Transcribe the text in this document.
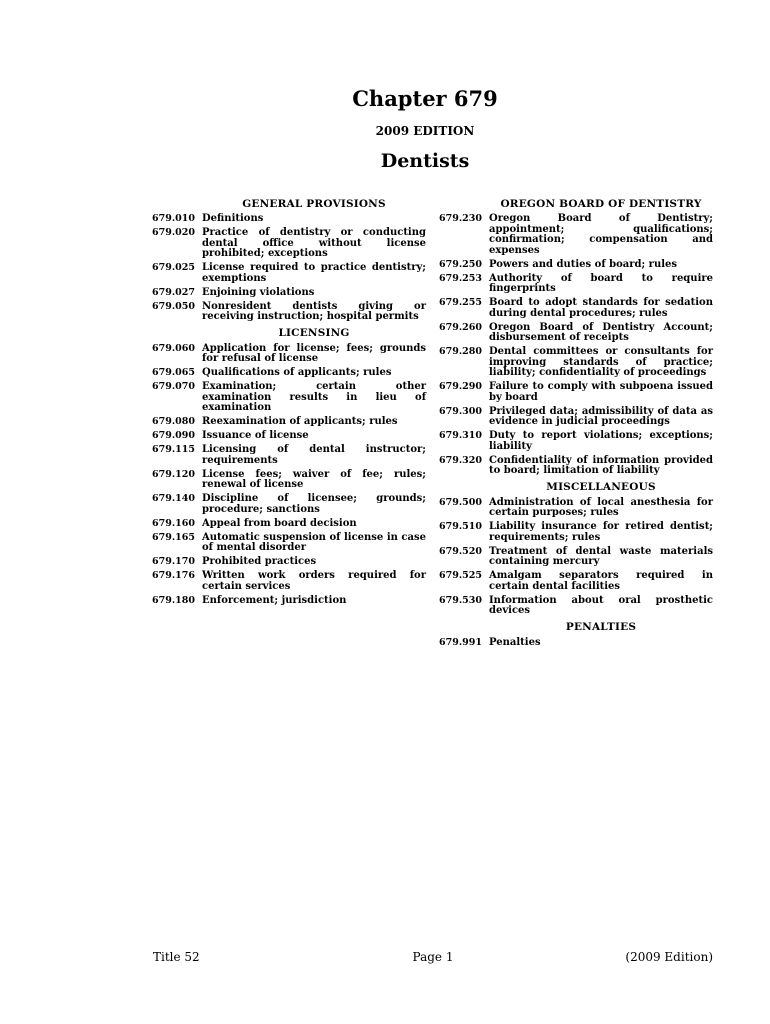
Chapter 679
2009 EDITION
Dentists
GENERAL PROVISIONS
679.010 Definitions
679.020 Practice of dentistry or conducting dental office without license prohibited; exceptions
679.025 License required to practice dentistry; exemptions
679.027 Enjoining violations
679.050 Nonresident dentists giving or receiving instruction; hospital permits
LICENSING
679.060 Application for license; fees; grounds for refusal of license
679.065 Qualifications of applicants; rules
679.070 Examination; certain other examination results in lieu of examination
679.080 Reexamination of applicants; rules
679.090 Issuance of license
679.115 Licensing of dental instructor; requirements
679.120 License fees; waiver of fee; rules; renewal of license
679.140 Discipline of licensee; grounds; procedure; sanctions
679.160 Appeal from board decision
679.165 Automatic suspension of license in case of mental disorder
679.170 Prohibited practices
679.176 Written work orders required for certain services
679.180 Enforcement; jurisdiction
OREGON BOARD OF DENTISTRY
679.230 Oregon Board of Dentistry; appointment; qualifications; confirmation; compensation and expenses
679.250 Powers and duties of board; rules
679.253 Authority of board to require fingerprints
679.255 Board to adopt standards for sedation during dental procedures; rules
679.260 Oregon Board of Dentistry Account; disbursement of receipts
679.280 Dental committees or consultants for improving standards of practice; liability; confidentiality of proceedings
679.290 Failure to comply with subpoena issued by board
679.300 Privileged data; admissibility of data as evidence in judicial proceedings
679.310 Duty to report violations; exceptions; liability
679.320 Confidentiality of information provided to board; limitation of liability
MISCELLANEOUS
679.500 Administration of local anesthesia for certain purposes; rules
679.510 Liability insurance for retired dentist; requirements; rules
679.520 Treatment of dental waste materials containing mercury
679.525 Amalgam separators required in certain dental facilities
679.530 Information about oral prosthetic devices
PENALTIES
679.991 Penalties
Title 52	Page 1	(2009 Edition)
